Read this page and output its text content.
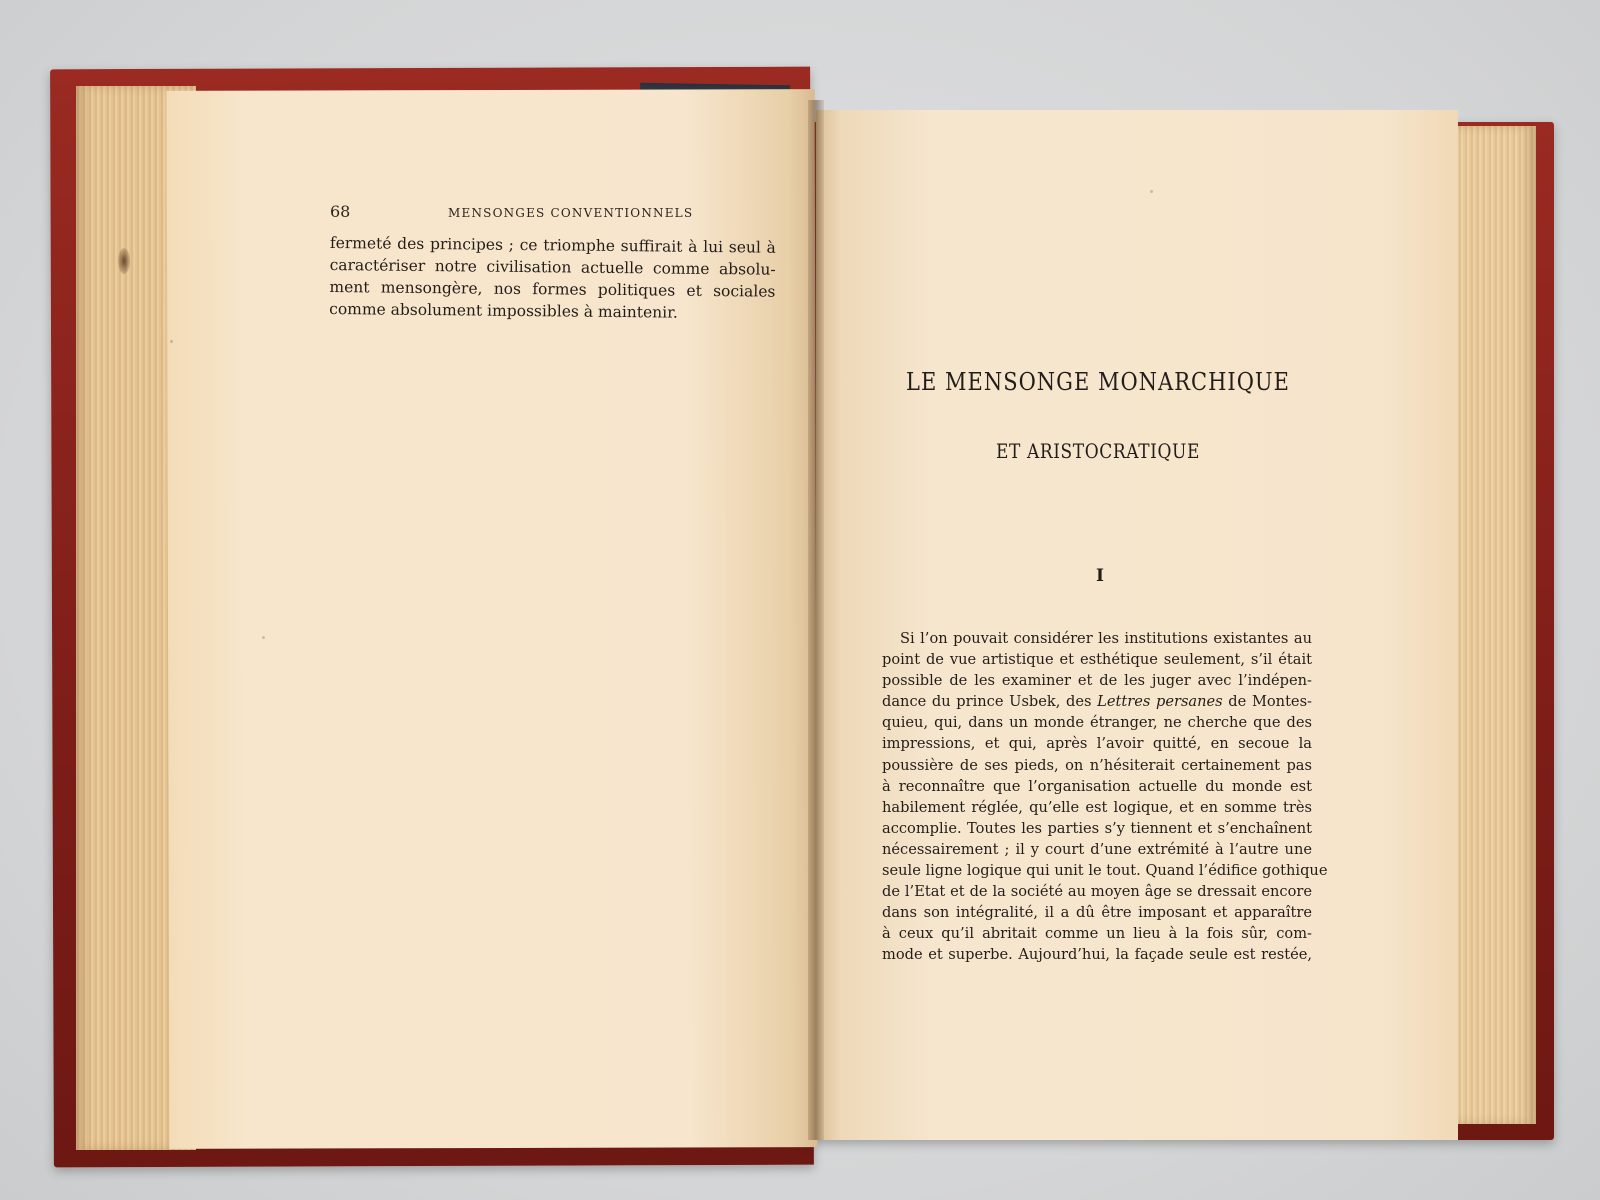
68	MENSONGES CONVENTIONNELS
fermeté des principes ; ce triomphe suffirait à lui seul à
caractériser notre civilisation actuelle comme absolu-
ment mensongère, nos formes politiques et sociales
comme absolument impossibles à maintenir.
LE MENSONGE MONARCHIQUE
ET ARISTOCRATIQUE
I
Si l’on pouvait considérer les institutions existantes au
point de vue artistique et esthétique seulement, s’il était
possible de les examiner et de les juger avec l’indépen-
dance du prince Usbek, des Lettres persanes de Montes-
quieu, qui, dans un monde étranger, ne cherche que des
impressions, et qui, après l’avoir quitté, en secoue la
poussière de ses pieds, on n’hésiterait certainement pas
à reconnaître que l’organisation actuelle du monde est
habilement réglée, qu’elle est logique, et en somme très
accomplie. Toutes les parties s’y tiennent et s’enchaînent
nécessairement ; il y court d’une extrémité à l’autre une
seule ligne logique qui unit le tout. Quand l’édifice gothique
de l’Etat et de la société au moyen âge se dressait encore
dans son intégralité, il a dû être imposant et apparaître
à ceux qu’il abritait comme un lieu à la fois sûr, com-
mode et superbe. Aujourd’hui, la façade seule est restée,
